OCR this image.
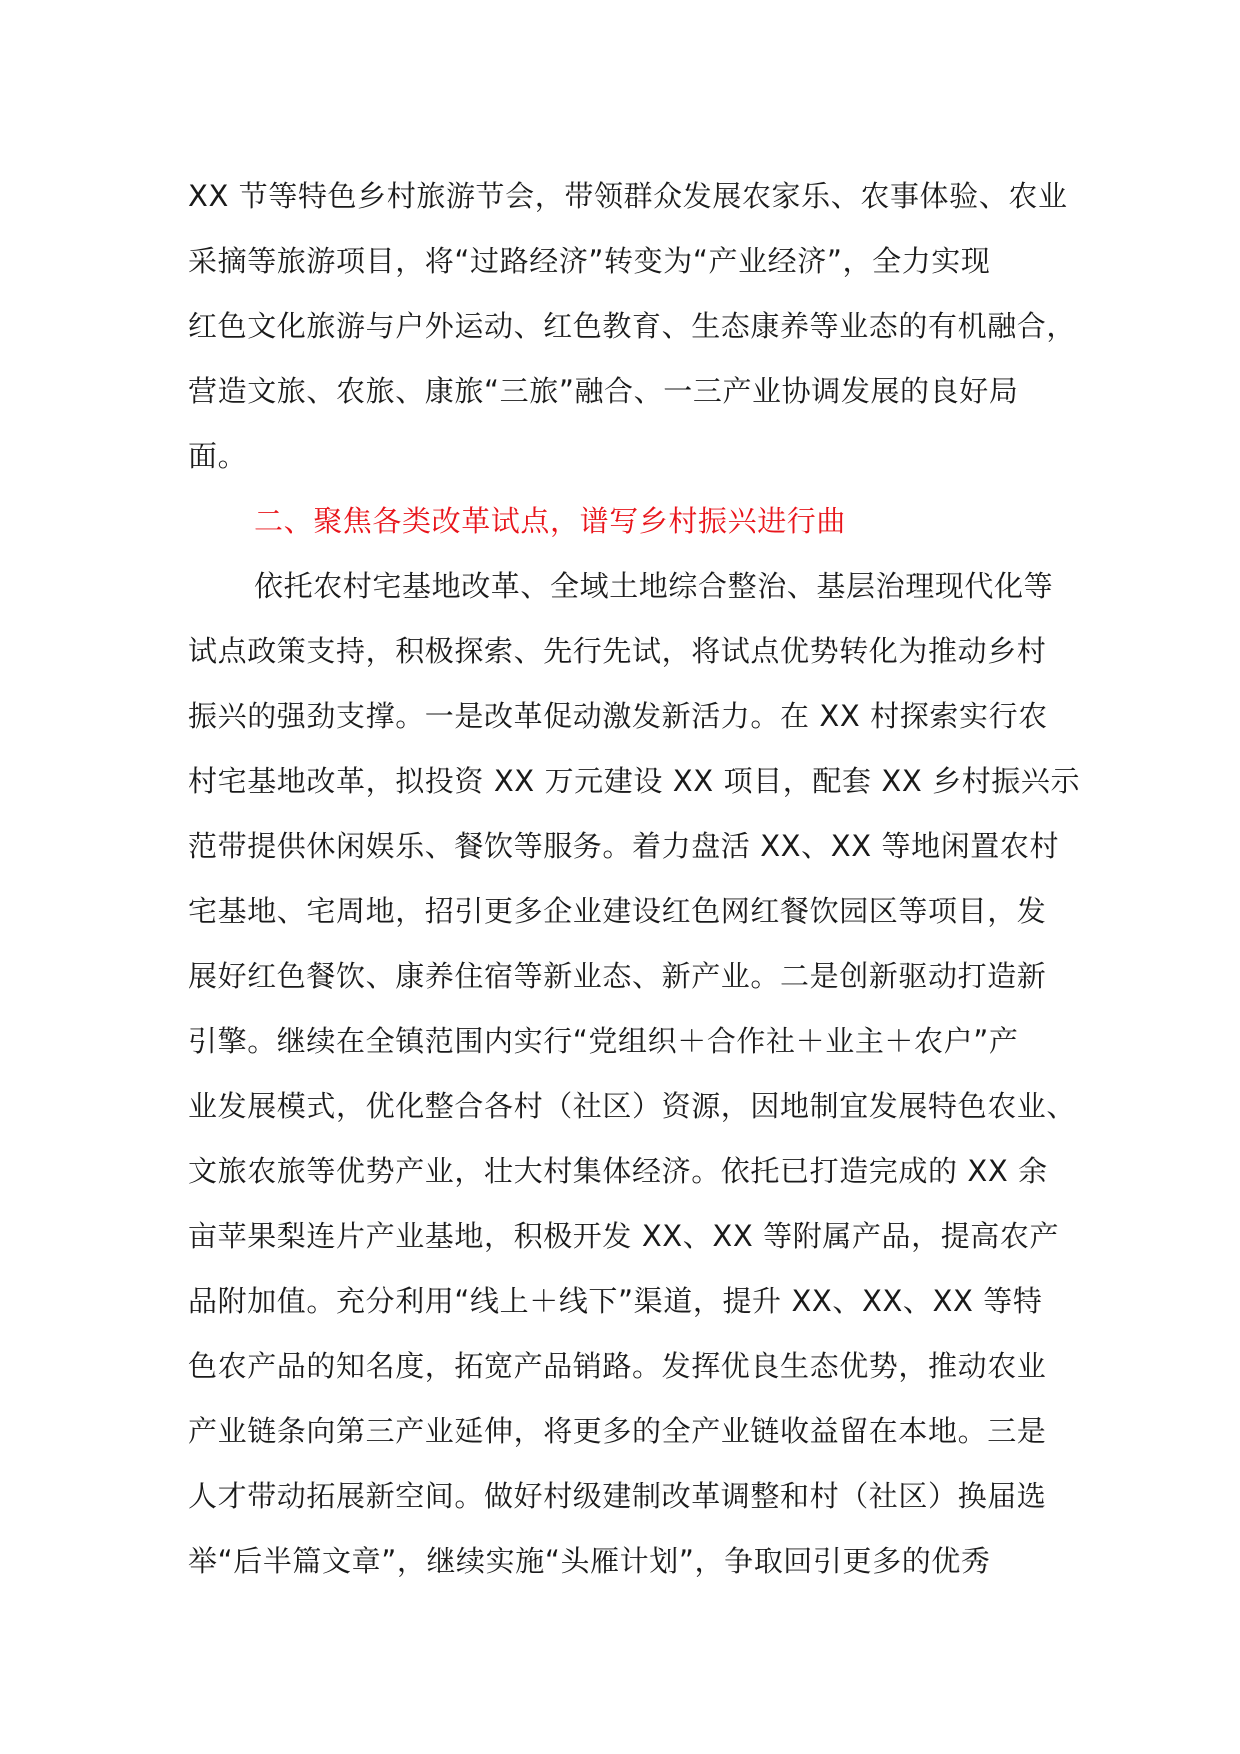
XX 节等特色乡村旅游节会，带领群众发展农家乐、农事体验、农业
采摘等旅游项目，将“过路经济”转变为“产业经济”，全力实现
红色文化旅游与户外运动、红色教育、生态康养等业态的有机融合，
营造文旅、农旅、康旅“三旅”融合、一三产业协调发展的良好局
面。
二、聚焦各类改革试点，谱写乡村振兴进行曲
依托农村宅基地改革、全域土地综合整治、基层治理现代化等
试点政策支持，积极探索、先行先试，将试点优势转化为推动乡村
振兴的强劲支撑。一是改革促动激发新活力。在 XX 村探索实行农
村宅基地改革，拟投资 XX 万元建设 XX 项目，配套 XX 乡村振兴示
范带提供休闲娱乐、餐饮等服务。着力盘活 XX、XX 等地闲置农村
宅基地、宅周地，招引更多企业建设红色网红餐饮园区等项目，发
展好红色餐饮、康养住宿等新业态、新产业。二是创新驱动打造新
引擎。继续在全镇范围内实行“党组织＋合作社＋业主＋农户”产
业发展模式，优化整合各村（社区）资源，因地制宜发展特色农业、
文旅农旅等优势产业，壮大村集体经济。依托已打造完成的 XX 余
亩苹果梨连片产业基地，积极开发 XX、XX 等附属产品，提高农产
品附加值。充分利用“线上＋线下”渠道，提升 XX、XX、XX 等特
色农产品的知名度，拓宽产品销路。发挥优良生态优势，推动农业
产业链条向第三产业延伸，将更多的全产业链收益留在本地。三是
人才带动拓展新空间。做好村级建制改革调整和村（社区）换届选
举“后半篇文章”，继续实施“头雁计划”，争取回引更多的优秀
